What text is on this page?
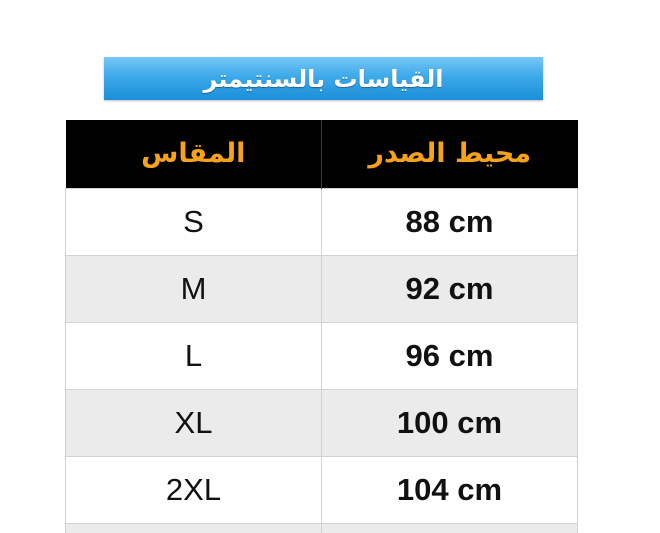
القياسات بالسنتيمتر
المقاس	محيط الصدر
S	88 cm
M	92 cm
L	96 cm
XL	100 cm
2XL	104 cm
